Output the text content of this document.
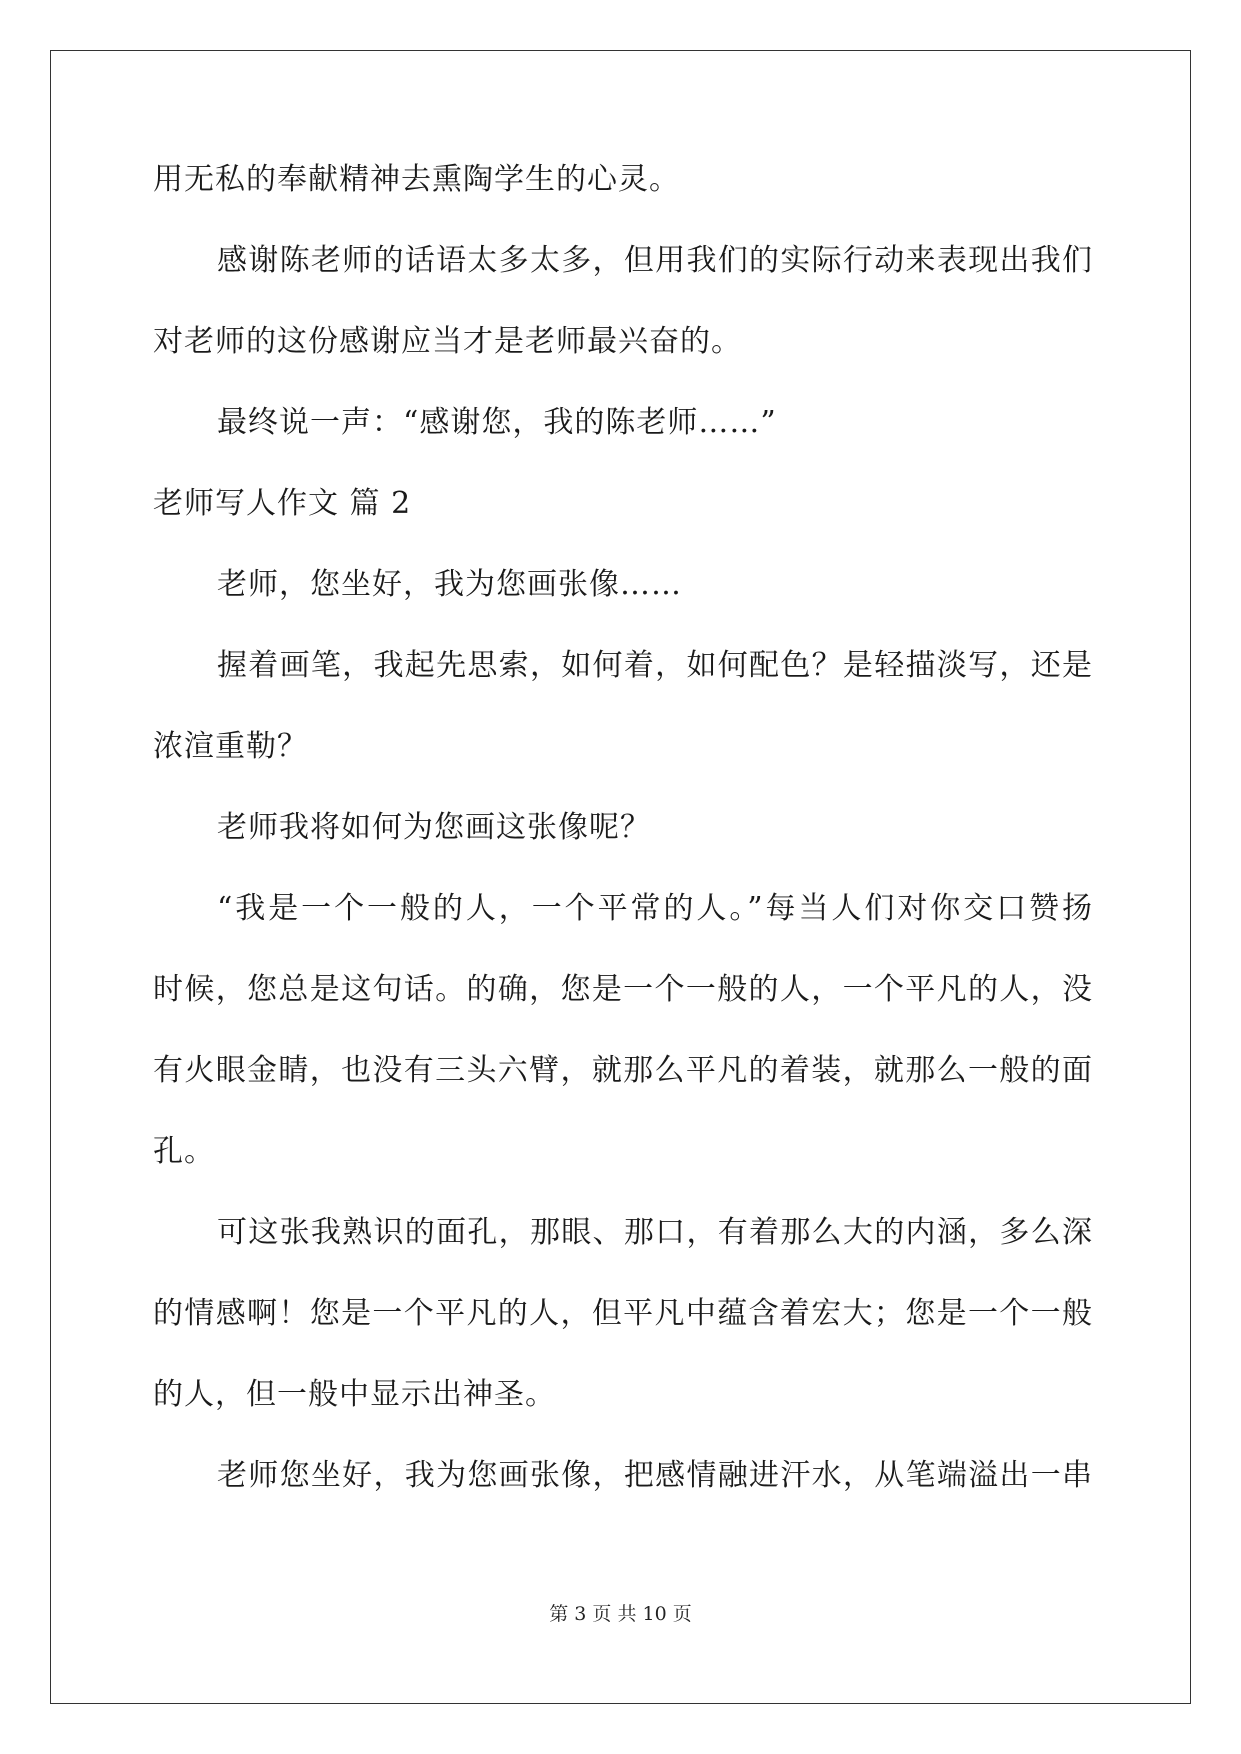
用无私的奉献精神去熏陶学生的心灵。
感谢陈老师的话语太多太多，但用我们的实际行动来表现出我们
对老师的这份感谢应当才是老师最兴奋的。
最终说一声：“感谢您，我的陈老师……”
老师写人作文 篇 2
老师，您坐好，我为您画张像……
握着画笔，我起先思索，如何着，如何配色？是轻描淡写，还是
浓渲重勒？
老师我将如何为您画这张像呢？
“我是一个一般的人，一个平常的人。”每当人们对你交口赞扬
时候，您总是这句话。的确，您是一个一般的人，一个平凡的人，没
有火眼金睛，也没有三头六臂，就那么平凡的着装，就那么一般的面
孔。
可这张我熟识的面孔，那眼、那口，有着那么大的内涵，多么深
的情感啊！您是一个平凡的人，但平凡中蕴含着宏大；您是一个一般
的人，但一般中显示出神圣。
老师您坐好，我为您画张像，把感情融进汗水，从笔端溢出一串
第 3 页 共 10 页
